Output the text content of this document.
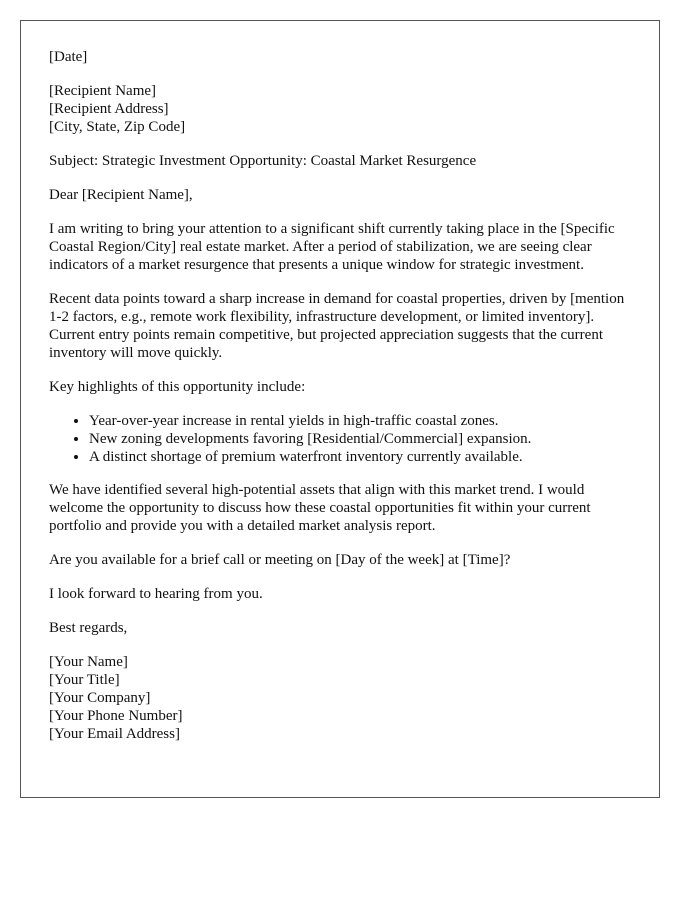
[Date]

[Recipient Name]
[Recipient Address]
[City, State, Zip Code]

Subject: Strategic Investment Opportunity: Coastal Market Resurgence

Dear [Recipient Name],

I am writing to bring your attention to a significant shift currently taking place in the [Specific Coastal Region/City] real estate market. After a period of stabilization, we are seeing clear indicators of a market resurgence that presents a unique window for strategic investment.

Recent data points toward a sharp increase in demand for coastal properties, driven by [mention 1-2 factors, e.g., remote work flexibility, infrastructure development, or limited inventory]. Current entry points remain competitive, but projected appreciation suggests that the current inventory will move quickly.

Key highlights of this opportunity include:

• Year-over-year increase in rental yields in high-traffic coastal zones.
• New zoning developments favoring [Residential/Commercial] expansion.
• A distinct shortage of premium waterfront inventory currently available.

We have identified several high-potential assets that align with this market trend. I would welcome the opportunity to discuss how these coastal opportunities fit within your current portfolio and provide you with a detailed market analysis report.

Are you available for a brief call or meeting on [Day of the week] at [Time]?

I look forward to hearing from you.

Best regards,

[Your Name]
[Your Title]
[Your Company]
[Your Phone Number]
[Your Email Address]
